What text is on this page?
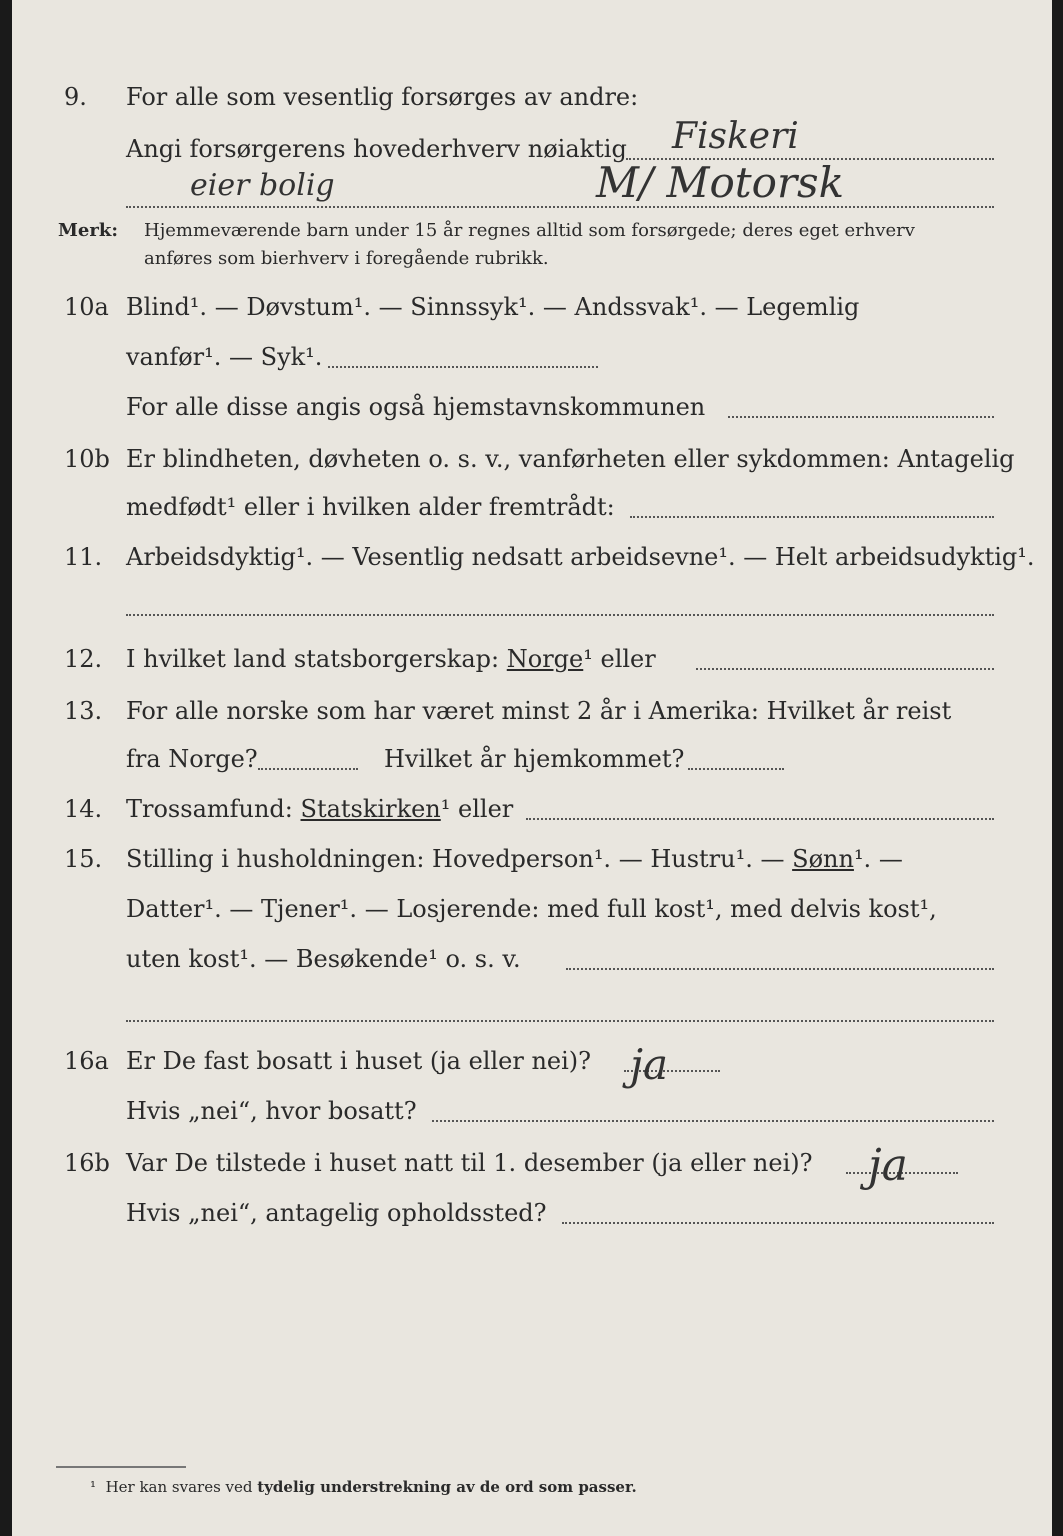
9. For alle som vesentlig forsørges av andre:
Angi forsørgerens hovederhverv nøiaktig Fiskeri
eier bolig	M/ Motorsk
Merk: Hjemmeværende barn under 15 år regnes alltid som forsørgede; deres eget erhverv
anføres som bierhverv i foregående rubrikk.
10a Blind¹. — Døvstum¹. — Sinnssyk¹. — Andssvak¹. — Legemlig
vanfør¹. — Syk¹.
For alle disse angis også hjemstavnskommunen
10b Er blindheten, døvheten o. s. v., vanførheten eller sykdommen: Antagelig
medfødt¹ eller i hvilken alder fremtrådt:
11. Arbeidsdyktig¹. — Vesentlig nedsatt arbeidsevne¹. — Helt arbeidsudyktig¹.
12. I hvilket land statsborgerskap: Norge¹ eller
13. For alle norske som har været minst 2 år i Amerika: Hvilket år reist
fra Norge?	Hvilket år hjemkommet?
14. Trossamfund: Statskirken¹ eller
15. Stilling i husholdningen: Hovedperson¹. — Hustru¹. — Sønn¹. —
Datter¹. — Tjener¹. — Losjerende: med full kost¹, med delvis kost¹,
uten kost¹. — Besøkende¹ o. s. v.
16a Er De fast bosatt i huset (ja eller nei)? ja
Hvis „nei“, hvor bosatt?
16b Var De tilstede i huset natt til 1. desember (ja eller nei)? ja
Hvis „nei“, antagelig opholdssted?
¹ Her kan svares ved tydelig understrekning av de ord som passer.
